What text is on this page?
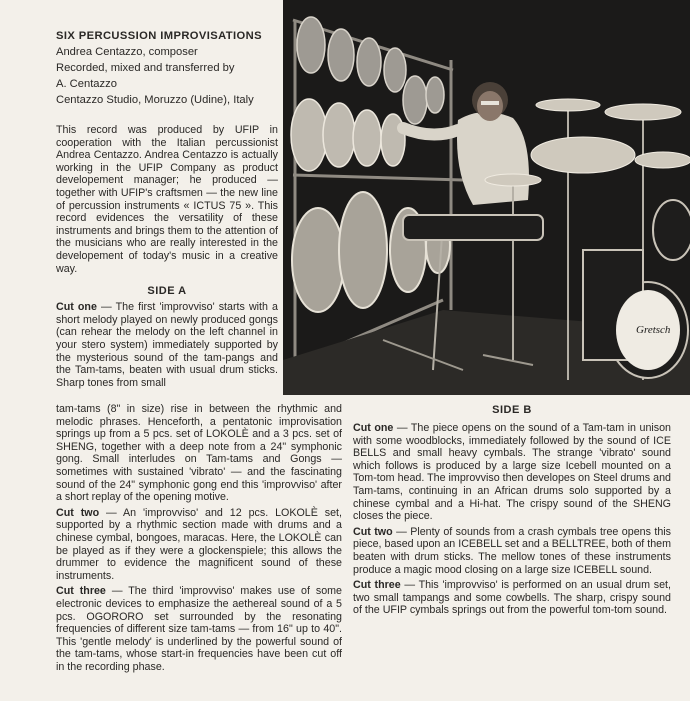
SIX PERCUSSION IMPROVISATIONS

Andrea Centazzo, composer

Recorded, mixed and transferred by

A. Centazzo

Centazzo Studio, Moruzzo (Udine), Italy

This record was produced by UFIP in cooperation with the Italian percussionist Andrea Centazzo. Andrea Centazzo is actually working in the UFIP Company as product developement manager; he produced — together with UFIP's craftsmen — the new line of percussion instruments « ICTUS 75 ». This record evidences the versatility of these instruments and brings them to the attention of the musicians who are really interested in the developement of today's music in a creative way.

SIDE A

Cut one — The first 'improvviso' starts with a short melody played on newly produced gongs (can rehear the melody on the left channel in your stero system) immediately supported by the mysterious sound of the tam-pangs and the Tam-tams, beaten with usual drum sticks. Sharp tones from small

tam-tams (8" in size) rise in between the rhythmic and melodic phrases. Henceforth, a pentatonic improvisation springs up from a 5 pcs. set of LOKOLÈ and a 3 pcs. set of SHENG, together with a deep note from a 24" symphonic gong. Small interludes on Tam-tams and Gongs — sometimes with sustained 'vibrato' — and the fascinating sound of the 24" symphonic gong end this 'improvviso' after a short replay of the opening motive.

Cut two — An 'improvviso' and 12 pcs. LOKOLÈ set, supported by a rhythmic section made with drums and a chinese cymbal, bongoes, maracas. Here, the LOKOLÈ can be played as if they were a glockenspiele; this allows the drummer to evidence the magnificent sound of these instruments.

Cut three — The third 'improvviso' makes use of some electronic devices to emphasize the aethereal sound of a 5 pcs. OGORORO set surrounded by the resonating frequencies of different size tam-tams — from 16" up to 40". This 'gentle melody' is underlined by the powerful sound of the tam-tams, whose start-in frequencies have been cut off in the recording phase.

Gretsch
SIDE B

Cut one — The piece opens on the sound of a Tam-tam in unison with some woodblocks, immediately followed by the sound of ICE BELLS and small heavy cymbals. The strange 'vibrato' sound which follows is produced by a large size Icebell mounted on a Tom-tom head. The improvviso then developes on Steel drums and Tam-tams, continuing in an African drums solo supported by a chinese cymbal and a Hi-hat. The crispy sound of the SHENG closes the piece.

Cut two — Plenty of sounds from a crash cymbals tree opens this piece, based upon an ICEBELL set and a BELLTREE, both of them beaten with drum sticks. The mellow tones of these instruments produce a magic mood closing on a large size ICEBELL sound.

Cut three — This 'improvviso' is performed on an usual drum set, two small tampangs and some cowbells. The sharp, crispy sound of the UFIP cymbals springs out from the powerful tom-tom sound.
